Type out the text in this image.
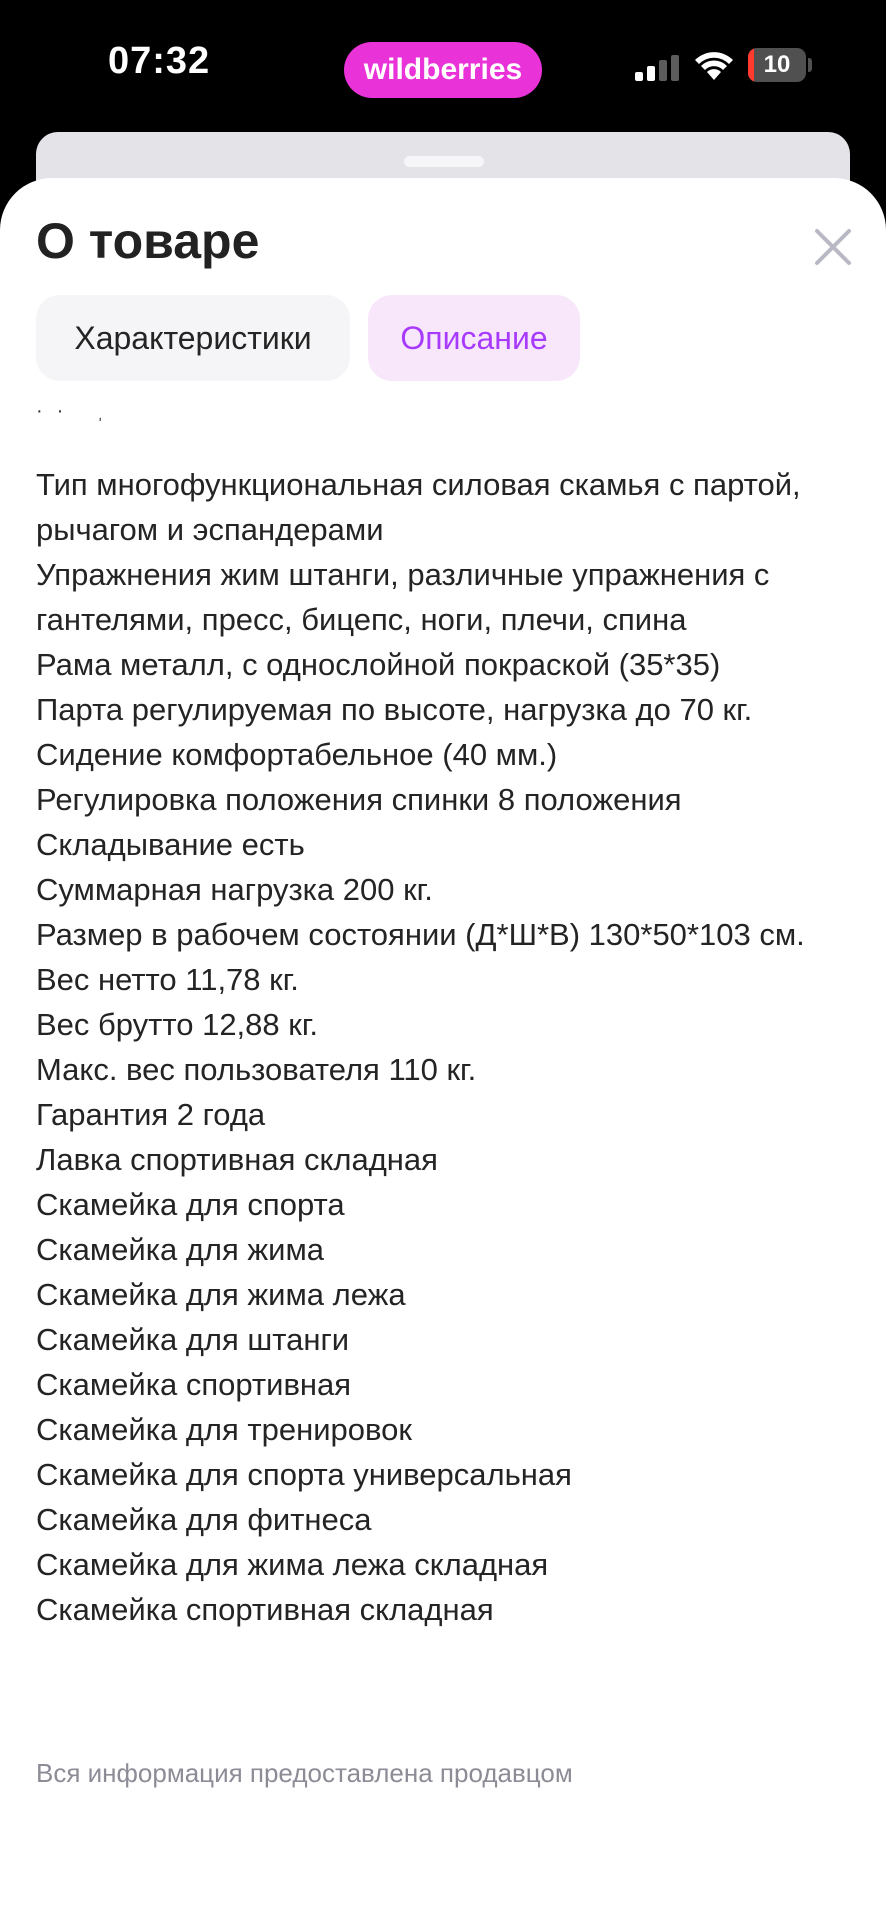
07:32	wildberries	10
О товаре
Характеристики	Описание
·· ˌ
Тип многофункциональная силовая скамья с партой, рычагом и эспандерами
Упражнения жим штанги, различные упражнения с гантелями, пресс, бицепс, ноги, плечи, спина
Рама металл, с однослойной покраской (35*35)
Парта регулируемая по высоте, нагрузка до 70 кг.
Сидение комфортабельное (40 мм.)
Регулировка положения спинки 8 положения
Складывание есть
Суммарная нагрузка 200 кг.
Размер в рабочем состоянии (Д*Ш*В) 130*50*103 см.
Вес нетто 11,78 кг.
Вес брутто 12,88 кг.
Макс. вес пользователя 110 кг.
Гарантия 2 года
Лавка спортивная складная
Скамейка для спорта
Скамейка для жима
Скамейка для жима лежа
Скамейка для штанги
Скамейка спортивная
Скамейка для тренировок
Скамейка для спорта универсальная
Скамейка для фитнеса
Скамейка для жима лежа складная
Скамейка спортивная складная
Вся информация предоставлена продавцом
